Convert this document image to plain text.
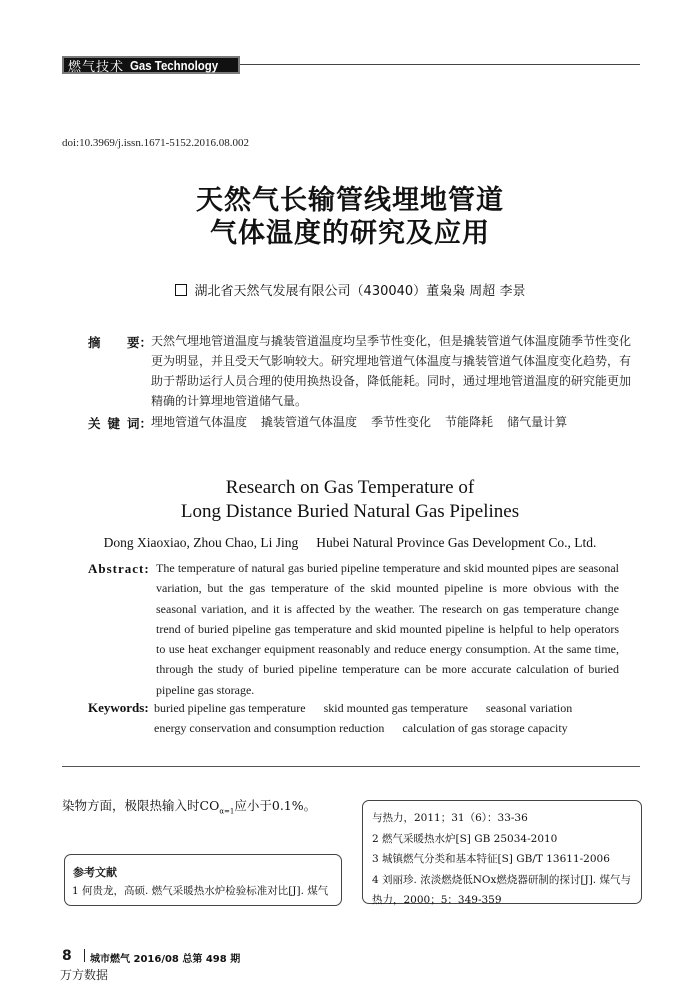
燃气技术 Gas Technology
doi:10.3969/j.issn.1671-5152.2016.08.002
天然气长输管线埋地管道
气体温度的研究及应用
湖北省天然气发展有限公司（430040）董枭枭 周超 李景
摘 要： 天然气埋地管道温度与撬装管道温度均呈季节性变化，但是撬装管道气体温度随季节性变化更为明显，并且受天气影响较大。研究埋地管道气体温度与撬装管道气体温度变化趋势，有助于帮助运行人员合理的使用换热设备，降低能耗。同时，通过埋地管道温度的研究能更加精确的计算埋地管道储气量。
关 键 词： 埋地管道气体温度 撬装管道气体温度 季节性变化 节能降耗 储气量计算
Research on Gas Temperature of
Long Distance Buried Natural Gas Pipelines
Dong Xiaoxiao, Zhou Chao, Li Jing Hubei Natural Province Gas Development Co., Ltd.
Abstract: The temperature of natural gas buried pipeline temperature and skid mounted pipes are seasonal
variation, but the gas temperature of the skid mounted pipeline is more obvious with the
seasonal variation, and it is affected by the weather. The research on gas temperature change
trend of buried pipeline gas temperature and skid mounted pipeline is helpful to help operators
to use heat exchanger equipment reasonably and reduce energy consumption. At the same time,
through the study of buried pipeline temperature can be more accurate calculation of buried
pipeline gas storage.
Keywords: buried pipeline gas temperature skid mounted gas temperature seasonal variation
energy conservation and consumption reduction calculation of gas storage capacity
染物方面，极限热输入时$CO_{\alpha=1}$应小于0.1%。
参考文献
1 何贵龙，高硕. 燃气采暖热水炉检验标准对比[J]. 煤气
与热力，2011；31（6）：33-36
2 燃气采暖热水炉[S] GB 25034-2010
3 城镇燃气分类和基本特征[S] GB/T 13611-2006
4 刘丽珍. 浓淡燃烧低NOx燃烧器研制的探讨[J]. 煤气与
热力，2000；5：349-359
8 城市燃气 2016/08 总第 498 期
万方数据
